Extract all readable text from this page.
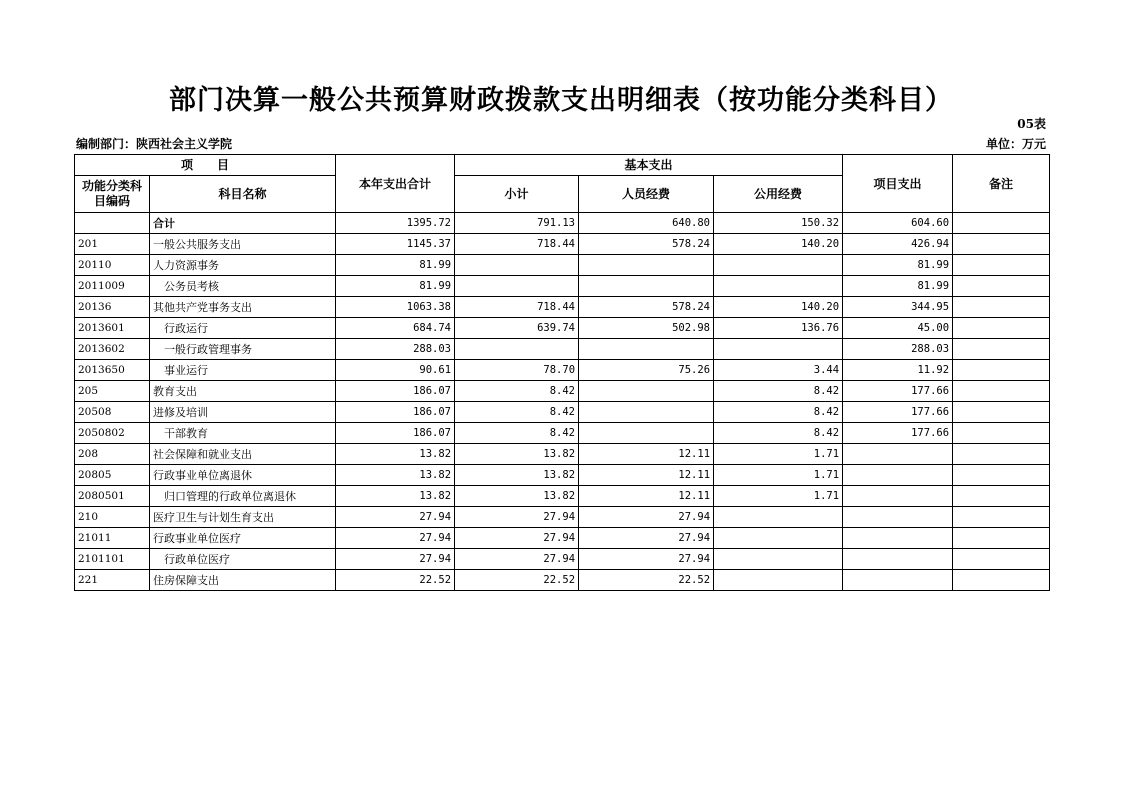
部门决算一般公共预算财政拨款支出明细表（按功能分类科目）
05表
编制部门：陕西社会主义学院	单位：万元
项　　目		本年支出合计	基本支出			项目支出	备注
功能分类科目编码	科目名称		小计	人员经费	公用经费		
	合计	1395.72	791.13	640.80	150.32	604.60	
201	一般公共服务支出	1145.37	718.44	578.24	140.20	426.94	
20110	人力资源事务	81.99				81.99	
2011009	公务员考核	81.99				81.99	
20136	其他共产党事务支出	1063.38	718.44	578.24	140.20	344.95	
2013601	行政运行	684.74	639.74	502.98	136.76	45.00	
2013602	一般行政管理事务	288.03				288.03	
2013650	事业运行	90.61	78.70	75.26	3.44	11.92	
205	教育支出	186.07	8.42		8.42	177.66	
20508	进修及培训	186.07	8.42		8.42	177.66	
2050802	干部教育	186.07	8.42		8.42	177.66	
208	社会保障和就业支出	13.82	13.82	12.11	1.71		
20805	行政事业单位离退休	13.82	13.82	12.11	1.71		
2080501	归口管理的行政单位离退休	13.82	13.82	12.11	1.71		
210	医疗卫生与计划生育支出	27.94	27.94	27.94			
21011	行政事业单位医疗	27.94	27.94	27.94			
2101101	行政单位医疗	27.94	27.94	27.94			
221	住房保障支出	22.52	22.52	22.52			
